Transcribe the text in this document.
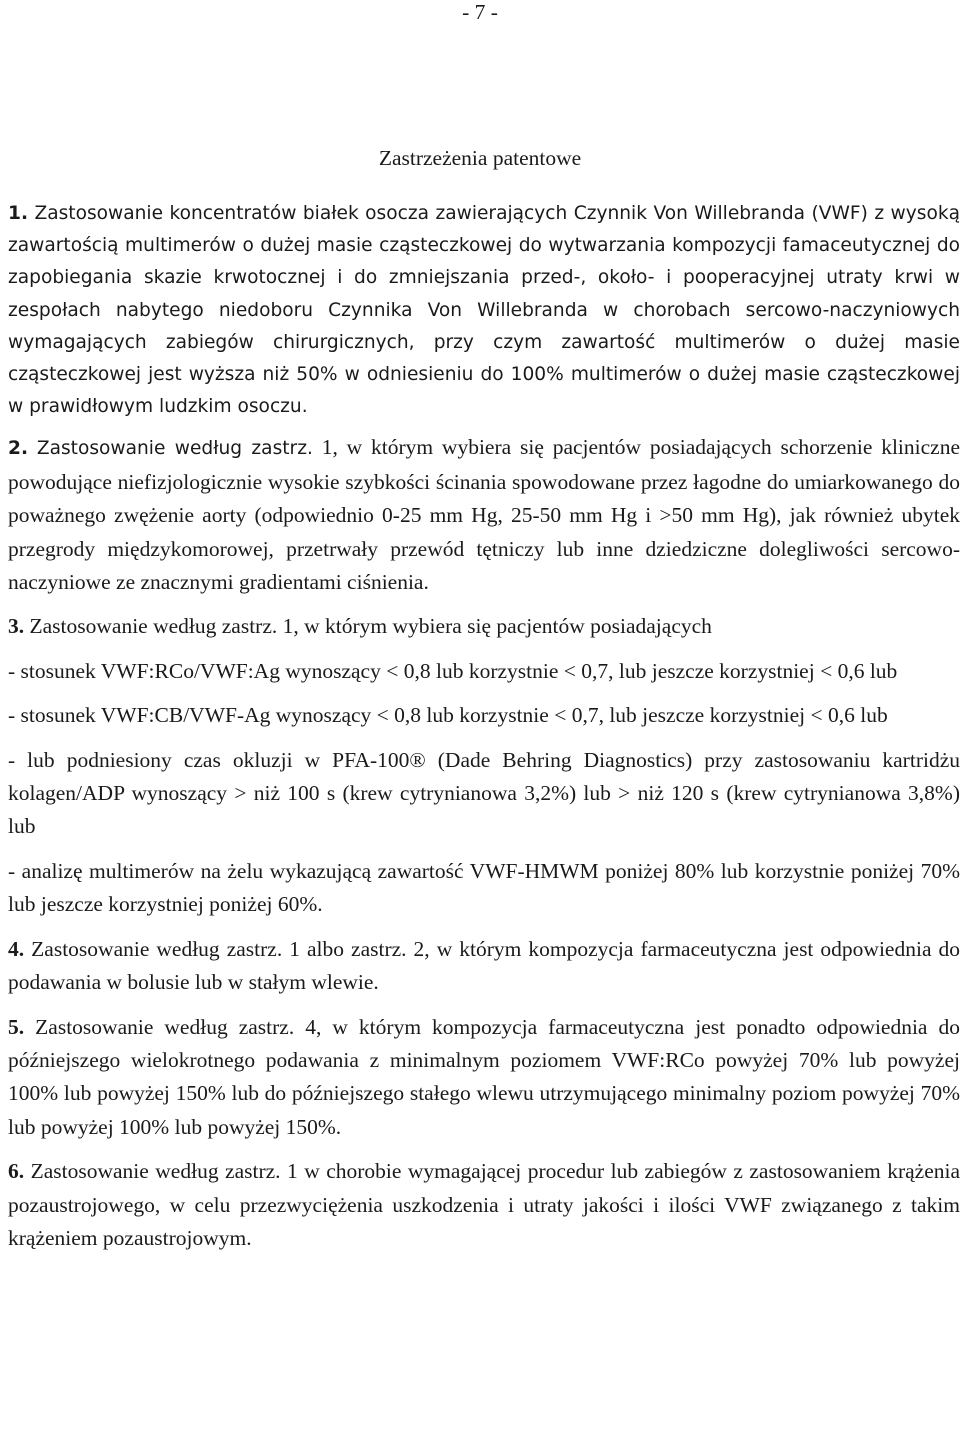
- 7 -
Zastrzeżenia patentowe

1. Zastosowanie koncentratów białek osocza zawierających Czynnik Von Willebranda (VWF) z wysoką zawartością multimerów o dużej masie cząsteczkowej do wytwarzania kompozycji famaceutycznej do zapobiegania skazie krwotocznej i do zmniejszania przed-, około- i pooperacyjnej utraty krwi w zespołach nabytego niedoboru Czynnika Von Willebranda w chorobach sercowo-naczyniowych wymagających zabiegów chirurgicznych, przy czym zawartość multimerów o dużej masie cząsteczkowej jest wyższa niż 50% w odniesieniu do 100% multimerów o dużej masie cząsteczkowej w prawidłowym ludzkim osoczu.

2. Zastosowanie według zastrz. 1, w którym wybiera się pacjentów posiadających schorzenie kliniczne powodujące niefizjologicznie wysokie szybkości ścinania spowodowane przez łagodne do umiarkowanego do poważnego zwężenie aorty (odpowiednio 0-25 mm Hg, 25-50 mm Hg i >50 mm Hg), jak również ubytek przegrody międzykomorowej, przetrwały przewód tętniczy lub inne dziedziczne dolegliwości sercowo-naczyniowe ze znacznymi gradientami ciśnienia.

3. Zastosowanie według zastrz. 1, w którym wybiera się pacjentów posiadających

- stosunek VWF:RCo/VWF:Ag wynoszący < 0,8 lub korzystnie < 0,7, lub jeszcze korzystniej < 0,6 lub

- stosunek VWF:CB/VWF-Ag wynoszący < 0,8 lub korzystnie < 0,7, lub jeszcze korzystniej < 0,6 lub

- lub podniesiony czas okluzji w PFA-100® (Dade Behring Diagnostics) przy zastosowaniu kartridżu kolagen/ADP wynoszący > niż 100 s (krew cytrynianowa 3,2%) lub > niż 120 s (krew cytrynianowa 3,8%) lub

- analizę multimerów na żelu wykazującą zawartość VWF-HMWM poniżej 80% lub korzystnie poniżej 70% lub jeszcze korzystniej poniżej 60%.

4. Zastosowanie według zastrz. 1 albo zastrz. 2, w którym kompozycja farmaceutyczna jest odpowiednia do podawania w bolusie lub w stałym wlewie.

5. Zastosowanie według zastrz. 4, w którym kompozycja farmaceutyczna jest ponadto odpowiednia do późniejszego wielokrotnego podawania z minimalnym poziomem VWF:RCo powyżej 70% lub powyżej 100% lub powyżej 150% lub do późniejszego stałego wlewu utrzymującego minimalny poziom powyżej 70% lub powyżej 100% lub powyżej 150%.

6. Zastosowanie według zastrz. 1 w chorobie wymagającej procedur lub zabiegów z zastosowaniem krążenia pozaustrojowego, w celu przezwyciężenia uszkodzenia i utraty jakości i ilości VWF związanego z takim krążeniem pozaustrojowym.
